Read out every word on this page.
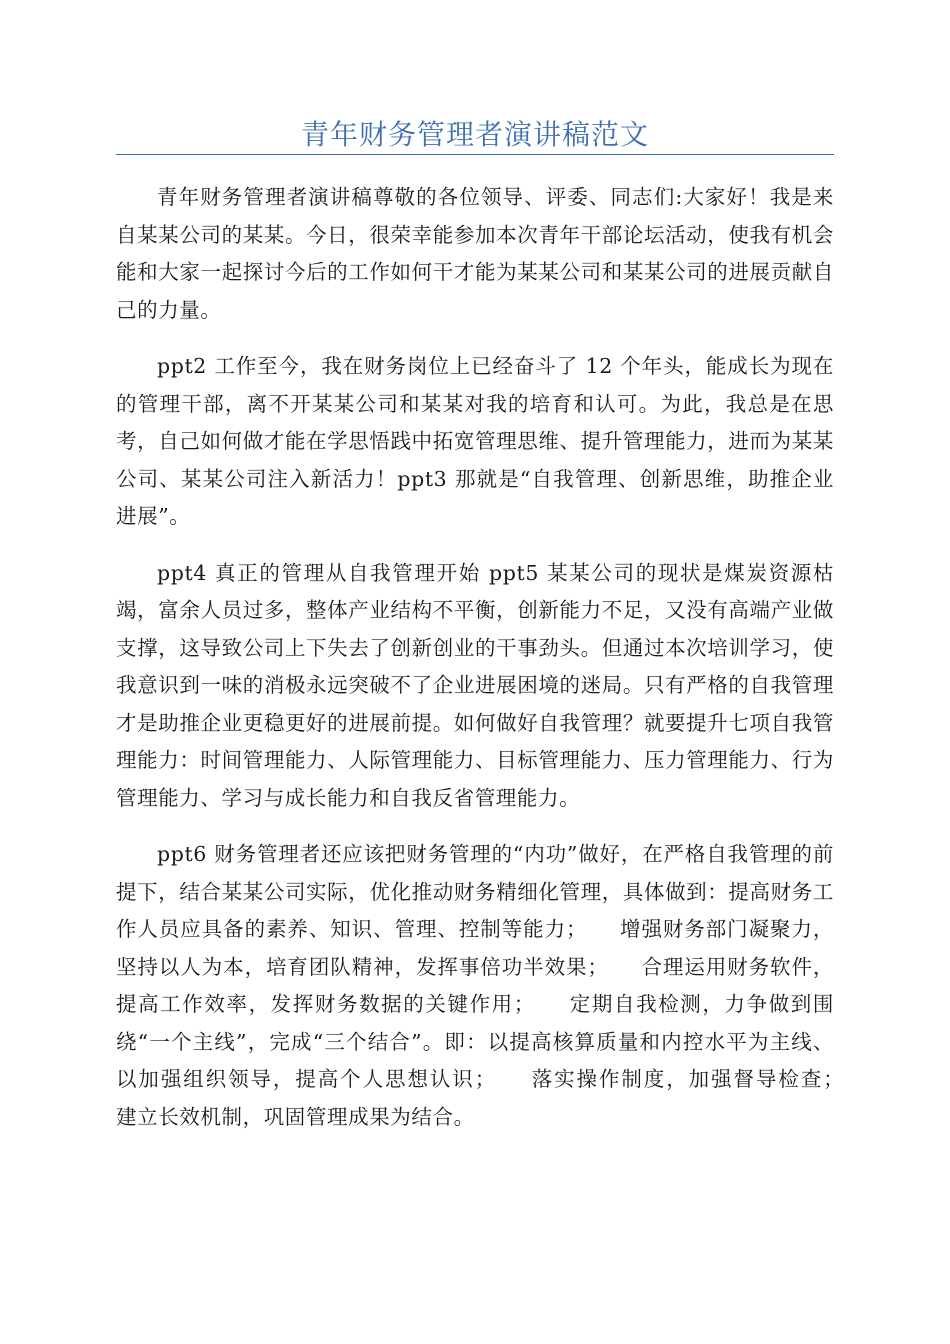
青年财务管理者演讲稿范文

青年财务管理者演讲稿尊敬的各位领导、评委、同志们:大家好！我是来自某某公司的某某。今日，很荣幸能参加本次青年干部论坛活动，使我有机会能和大家一起探讨今后的工作如何干才能为某某公司和某某公司的进展贡献自己的力量。

ppt2 工作至今，我在财务岗位上已经奋斗了 12 个年头，能成长为现在的管理干部，离不开某某公司和某某对我的培育和认可。为此，我总是在思考，自己如何做才能在学思悟践中拓宽管理思维、提升管理能力，进而为某某公司、某某公司注入新活力！ppt3 那就是“自我管理、创新思维，助推企业进展”。

ppt4 真正的管理从自我管理开始 ppt5 某某公司的现状是煤炭资源枯竭，富余人员过多，整体产业结构不平衡，创新能力不足，又没有高端产业做支撑，这导致公司上下失去了创新创业的干事劲头。但通过本次培训学习，使我意识到一味的消极永远突破不了企业进展困境的迷局。只有严格的自我管理才是助推企业更稳更好的进展前提。如何做好自我管理？就要提升七项自我管理能力：时间管理能力、人际管理能力、目标管理能力、压力管理能力、行为管理能力、学习与成长能力和自我反省管理能力。

ppt6 财务管理者还应该把财务管理的“内功”做好，在严格自我管理的前提下，结合某某公司实际，优化推动财务精细化管理，具体做到：提高财务工作人员应具备的素养、知识、管理、控制等能力；　　增强财务部门凝聚力，坚持以人为本，培育团队精神，发挥事倍功半效果；　　合理运用财务软件，提高工作效率，发挥财务数据的关键作用；　　定期自我检测，力争做到围绕“一个主线”，完成“三个结合”。即：以提高核算质量和内控水平为主线、以加强组织领导，提高个人思想认识；　　落实操作制度，加强督导检查；　　建立长效机制，巩固管理成果为结合。
